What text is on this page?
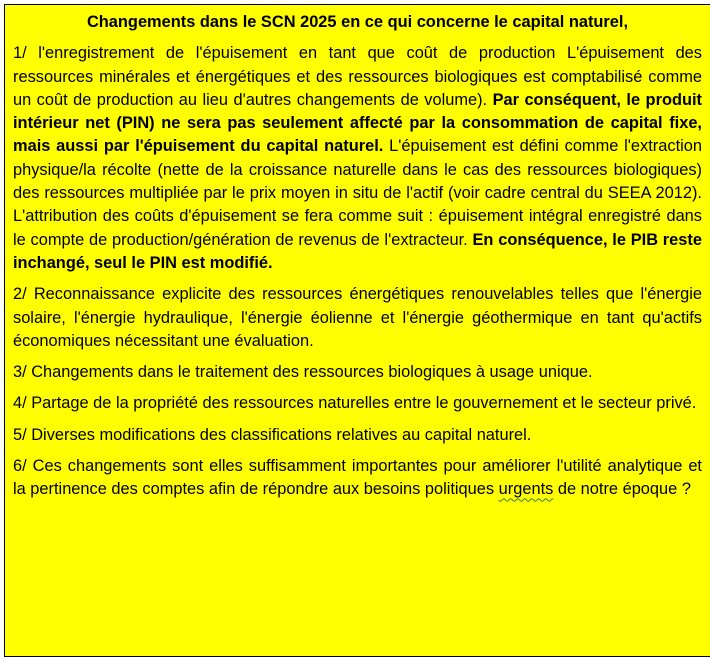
Changements dans le SCN 2025 en ce qui concerne le capital naturel,
1/ l'enregistrement de l'épuisement en tant que coût de production L'épuisement des ressources minérales et énergétiques et des ressources biologiques est comptabilisé comme un coût de production au lieu d'autres changements de volume). Par conséquent, le produit intérieur net (PIN) ne sera pas seulement affecté par la consommation de capital fixe, mais aussi par l'épuisement du capital naturel. L'épuisement est défini comme l'extraction physique/la récolte (nette de la croissance naturelle dans le cas des ressources biologiques) des ressources multipliée par le prix moyen in situ de l'actif (voir cadre central du SEEA 2012). L'attribution des coûts d'épuisement se fera comme suit : épuisement intégral enregistré dans le compte de production/génération de revenus de l'extracteur. En conséquence, le PIB reste inchangé, seul le PIN est modifié.
2/ Reconnaissance explicite des ressources énergétiques renouvelables telles que l'énergie solaire, l'énergie hydraulique, l'énergie éolienne et l'énergie géothermique en tant qu'actifs économiques nécessitant une évaluation.
3/ Changements dans le traitement des ressources biologiques à usage unique.
4/ Partage de la propriété des ressources naturelles entre le gouvernement et le secteur privé.
5/ Diverses modifications des classifications relatives au capital naturel.
6/ Ces changements sont elles suffisamment importantes pour améliorer l'utilité analytique et la pertinence des comptes afin de répondre aux besoins politiques urgents de notre époque ?
